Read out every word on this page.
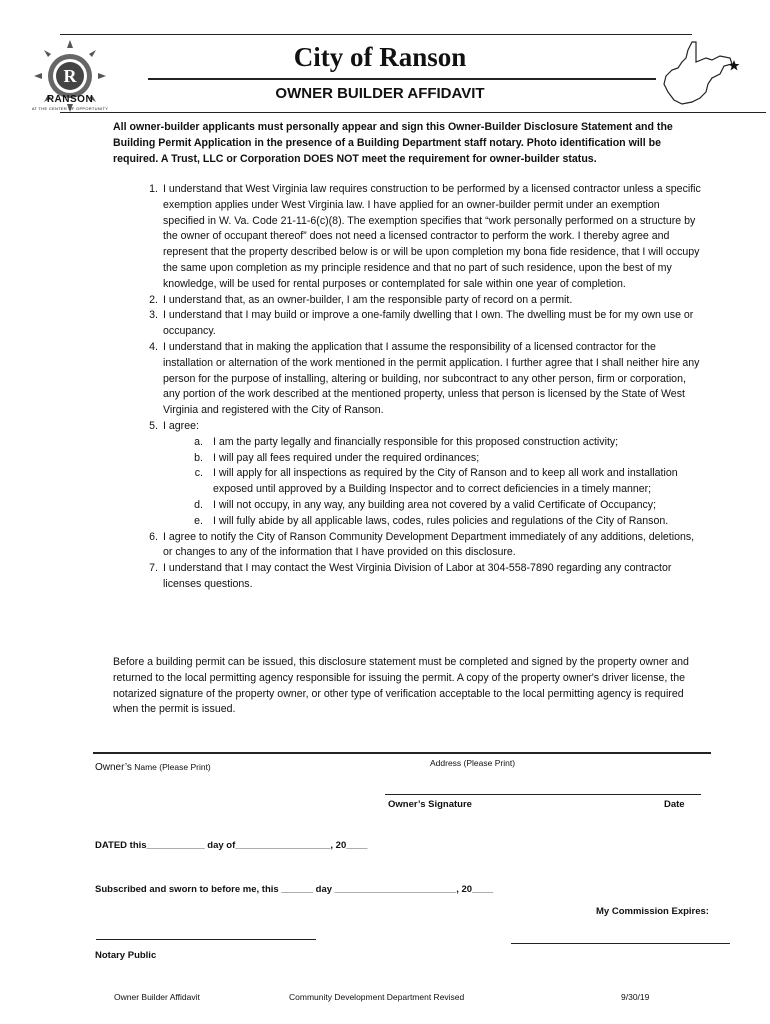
R
RANSON
AT THE CENTER OF OPPORTUNITY
City of Ranson
OWNER BUILDER AFFIDAVIT
All owner-builder applicants must personally appear and sign this Owner-Builder Disclosure Statement and the Building Permit Application in the presence of a Building Department staff notary. Photo identification will be required. A Trust, LLC or Corporation DOES NOT meet the requirement for owner-builder status.
1. I understand that West Virginia law requires construction to be performed by a licensed contractor unless a specific exemption applies under West Virginia law. I have applied for an owner-builder permit under an exemption specified in W. Va. Code 21-11-6(c)(8). The exemption specifies that “work personally performed on a structure by the owner of occupant thereof” does not need a licensed contractor to perform the work. I thereby agree and represent that the property described below is or will be upon completion my bona fide residence, that I will occupy the same upon completion as my principle residence and that no part of such residence, upon the best of my knowledge, will be used for rental purposes or contemplated for sale within one year of completion.
2. I understand that, as an owner-builder, I am the responsible party of record on a permit.
3. I understand that I may build or improve a one-family dwelling that I own. The dwelling must be for my own use or occupancy.
4. I understand that in making the application that I assume the responsibility of a licensed contractor for the installation or alternation of the work mentioned in the permit application. I further agree that I shall neither hire any person for the purpose of installing, altering or building, nor subcontract to any other person, firm or corporation, any portion of the work described at the mentioned property, unless that person is licensed by the State of West Virginia and registered with the City of Ranson.
5. I agree:
a. I am the party legally and financially responsible for this proposed construction activity;
b. I will pay all fees required under the required ordinances;
c. I will apply for all inspections as required by the City of Ranson and to keep all work and installation exposed until approved by a Building Inspector and to correct deficiencies in a timely manner;
d. I will not occupy, in any way, any building area not covered by a valid Certificate of Occupancy;
e. I will fully abide by all applicable laws, codes, rules policies and regulations of the City of Ranson.
6. I agree to notify the City of Ranson Community Development Department immediately of any additions, deletions, or changes to any of the information that I have provided on this disclosure.
7. I understand that I may contact the West Virginia Division of Labor at 304-558-7890 regarding any contractor licenses questions.
Before a building permit can be issued, this disclosure statement must be completed and signed by the property owner and returned to the local permitting agency responsible for issuing the permit. A copy of the property owner's driver license, the notarized signature of the property owner, or other type of verification acceptable to the local permitting agency is required when the permit is issued.
Owner’s Name (Please Print)	Address (Please Print)
Owner’s Signature	Date
DATED this___________ day of__________________, 20____
Subscribed and sworn to before me, this ______ day _______________________, 20____
My Commission Expires:
Notary Public
Owner Builder Affidavit	Community Development Department Revised	9/30/19
